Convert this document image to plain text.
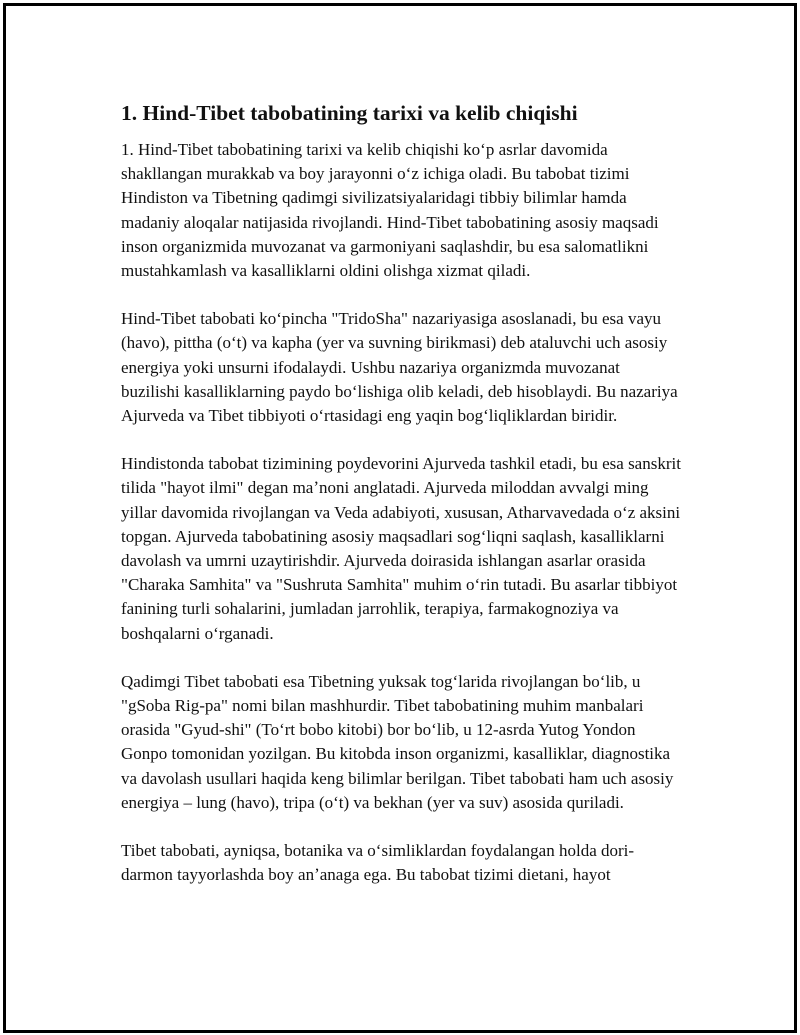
1. Hind-Tibet tabobatining tarixi va kelib chiqishi

1. Hind-Tibet tabobatining tarixi va kelib chiqishi koʻp asrlar davomida shakllangan murakkab va boy jarayonni oʻz ichiga oladi. Bu tabobat tizimi Hindiston va Tibetning qadimgi sivilizatsiyalaridagi tibbiy bilimlar hamda madaniy aloqalar natijasida rivojlandi. Hind-Tibet tabobatining asosiy maqsadi inson organizmida muvozanat va garmoniyani saqlashdir, bu esa salomatlikni mustahkamlash va kasalliklarni oldini olishga xizmat qiladi.

Hind-Tibet tabobati koʻpincha "TridoSha" nazariyasiga asoslanadi, bu esa vayu (havo), pittha (oʻt) va kapha (yer va suvning birikmasi) deb ataluvchi uch asosiy energiya yoki unsurni ifodalaydi. Ushbu nazariya organizmda muvozanat buzilishi kasalliklarning paydo boʻlishiga olib keladi, deb hisoblaydi. Bu nazariya Ajurveda va Tibet tibbiyoti oʻrtasidagi eng yaqin bogʻliqliklardan biridir.

Hindistonda tabobat tizimining poydevorini Ajurveda tashkil etadi, bu esa sanskrit tilida "hayot ilmi" degan maʼnoni anglatadi. Ajurveda miloddan avvalgi ming yillar davomida rivojlangan va Veda adabiyoti, xususan, Atharvavedada oʻz aksini topgan. Ajurveda tabobatining asosiy maqsadlari sogʻliqni saqlash, kasalliklarni davolash va umrni uzaytirishdir. Ajurveda doirasida ishlangan asarlar orasida "Charaka Samhita" va "Sushruta Samhita" muhim oʻrin tutadi. Bu asarlar tibbiyot fanining turli sohalarini, jumladan jarrohlik, terapiya, farmakognoziya va boshqalarni oʻrganadi.

Qadimgi Tibet tabobati esa Tibetning yuksak togʻlarida rivojlangan boʻlib, u "gSoba Rig-pa" nomi bilan mashhurdir. Tibet tabobatining muhim manbalari orasida "Gyud-shi" (Toʻrt bobo kitobi) bor boʻlib, u 12-asrda Yutog Yondon Gonpo tomonidan yozilgan. Bu kitobda inson organizmi, kasalliklar, diagnostika va davolash usullari haqida keng bilimlar berilgan. Tibet tabobati ham uch asosiy energiya – lung (havo), tripa (oʻt) va bekhan (yer va suv) asosida quriladi.

Tibet tabobati, ayniqsa, botanika va oʻsimliklardan foydalangan holda dori-darmon tayyorlashda boy anʼanaga ega. Bu tabobat tizimi dietani, hayot
